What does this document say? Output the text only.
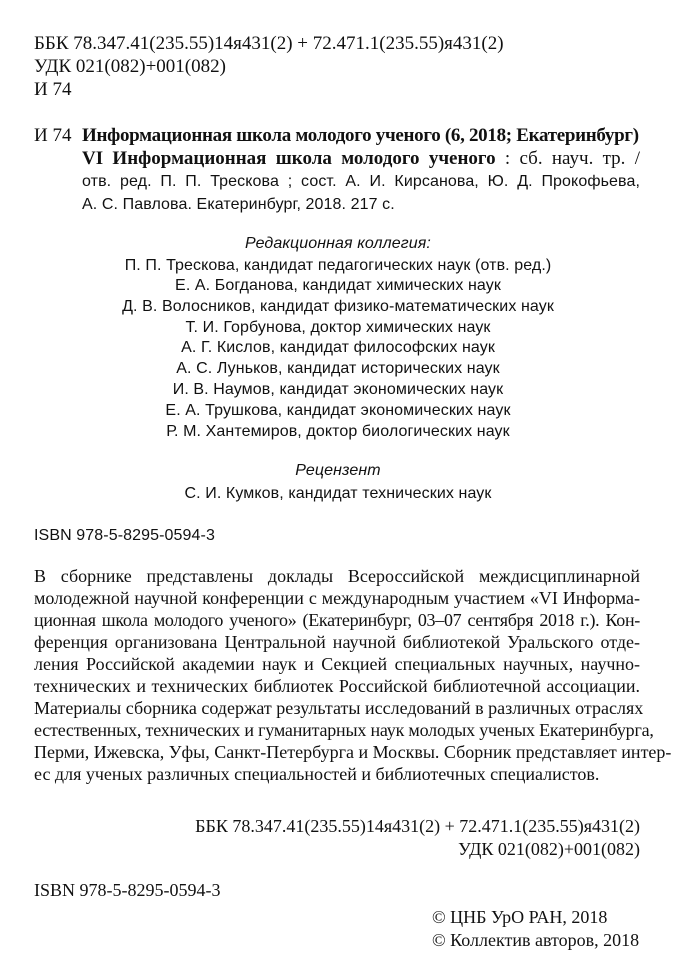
ББК 78.347.41(235.55)14я431(2) + 72.471.1(235.55)я431(2)
УДК 021(082)+001(082)
И 74
И 74 Информационная школа молодого ученого (6, 2018; Екатеринбург)
VI Информационная школа молодого ученого : сб. науч. тр. /
отв. ред. П. П. Трескова ; сост. А. И. Кирсанова, Ю. Д. Прокофьева,
А. С. Павлова. Екатеринбург, 2018. 217 с.
Редакционная коллегия:
П. П. Трескова, кандидат педагогических наук (отв. ред.)
Е. А. Богданова, кандидат химических наук
Д. В. Волосников, кандидат физико-математических наук
Т. И. Горбунова, доктор химических наук
А. Г. Кислов, кандидат философских наук
А. С. Луньков, кандидат исторических наук
И. В. Наумов, кандидат экономических наук
Е. А. Трушкова, кандидат экономических наук
Р. М. Хантемиров, доктор биологических наук
Рецензент
С. И. Кумков, кандидат технических наук
ISBN 978-5-8295-0594-3
В сборнике представлены доклады Всероссийской междисциплинарной
молодежной научной конференции с международным участием «VI Информа-
ционная школа молодого ученого» (Екатеринбург, 03–07 сентября 2018 г.). Кон-
ференция организована Центральной научной библиотекой Уральского отде-
ления Российской академии наук и Секцией специальных научных, научно-
технических и технических библиотек Российской библиотечной ассоциации.
Материалы сборника содержат результаты исследований в различных отраслях
естественных, технических и гуманитарных наук молодых ученых Екатеринбурга,
Перми, Ижевска, Уфы, Санкт-Петербурга и Москвы. Сборник представляет интер-
ес для ученых различных специальностей и библиотечных специалистов.
ББК 78.347.41(235.55)14я431(2) + 72.471.1(235.55)я431(2)
УДК 021(082)+001(082)
ISBN 978-5-8295-0594-3
© ЦНБ УрО РАН, 2018
© Коллектив авторов, 2018
